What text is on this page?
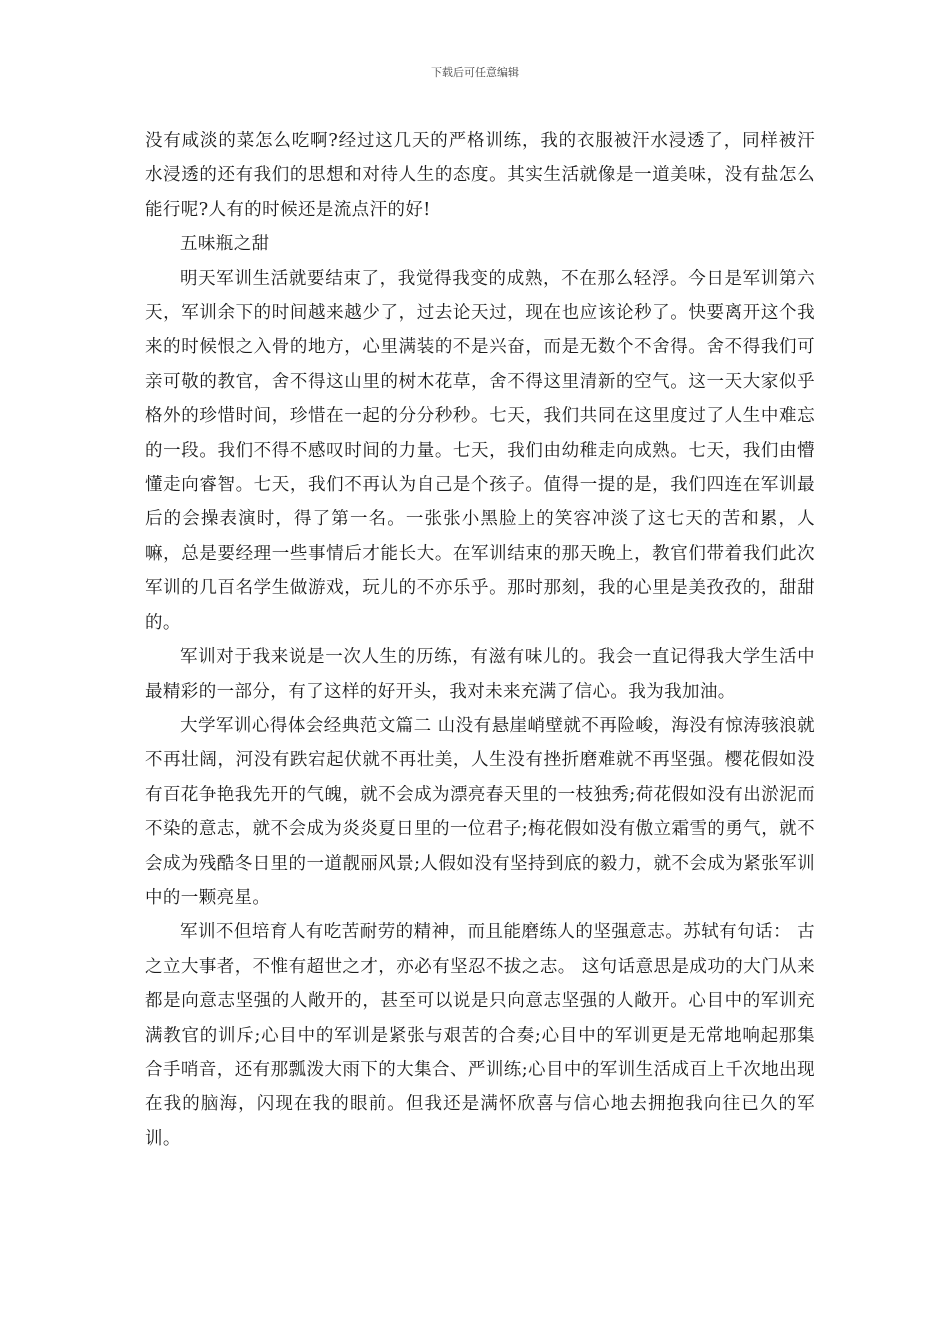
下载后可任意编辑

没有咸淡的菜怎么吃啊?经过这几天的严格训练，我的衣服被汗水浸透了，同样被汗水浸透的还有我们的思想和对待人生的态度。其实生活就像是一道美味，没有盐怎么能行呢?人有的时候还是流点汗的好!

五味瓶之甜

明天军训生活就要结束了，我觉得我变的成熟，不在那么轻浮。今日是军训第六天，军训余下的时间越来越少了，过去论天过，现在也应该论秒了。快要离开这个我来的时候恨之入骨的地方，心里满装的不是兴奋，而是无数个不舍得。舍不得我们可亲可敬的教官，舍不得这山里的树木花草，舍不得这里清新的空气。这一天大家似乎格外的珍惜时间，珍惜在一起的分分秒秒。七天，我们共同在这里度过了人生中难忘的一段。我们不得不感叹时间的力量。七天，我们由幼稚走向成熟。七天，我们由懵懂走向睿智。七天，我们不再认为自己是个孩子。值得一提的是，我们四连在军训最后的会操表演时，得了第一名。一张张小黑脸上的笑容冲淡了这七天的苦和累，人嘛，总是要经理一些事情后才能长大。在军训结束的那天晚上，教官们带着我们此次军训的几百名学生做游戏，玩儿的不亦乐乎。那时那刻，我的心里是美孜孜的，甜甜的。

军训对于我来说是一次人生的历练，有滋有味儿的。我会一直记得我大学生活中最精彩的一部分，有了这样的好开头，我对未来充满了信心。我为我加油。

大学军训心得体会经典范文篇二 山没有悬崖峭壁就不再险峻，海没有惊涛骇浪就不再壮阔，河没有跌宕起伏就不再壮美，人生没有挫折磨难就不再坚强。樱花假如没有百花争艳我先开的气魄，就不会成为漂亮春天里的一枝独秀;荷花假如没有出淤泥而不染的意志，就不会成为炎炎夏日里的一位君子;梅花假如没有傲立霜雪的勇气，就不会成为残酷冬日里的一道靓丽风景;人假如没有坚持到底的毅力，就不会成为紧张军训中的一颗亮星。

军训不但培育人有吃苦耐劳的精神，而且能磨练人的坚强意志。苏轼有句话： 古之立大事者，不惟有超世之才，亦必有坚忍不拔之志。 这句话意思是成功的大门从来都是向意志坚强的人敞开的，甚至可以说是只向意志坚强的人敞开。心目中的军训充满教官的训斥;心目中的军训是紧张与艰苦的合奏;心目中的军训更是无常地响起那集合手哨音，还有那瓢泼大雨下的大集合、严训练;心目中的军训生活成百上千次地出现在我的脑海，闪现在我的眼前。但我还是满怀欣喜与信心地去拥抱我向往已久的军训。
